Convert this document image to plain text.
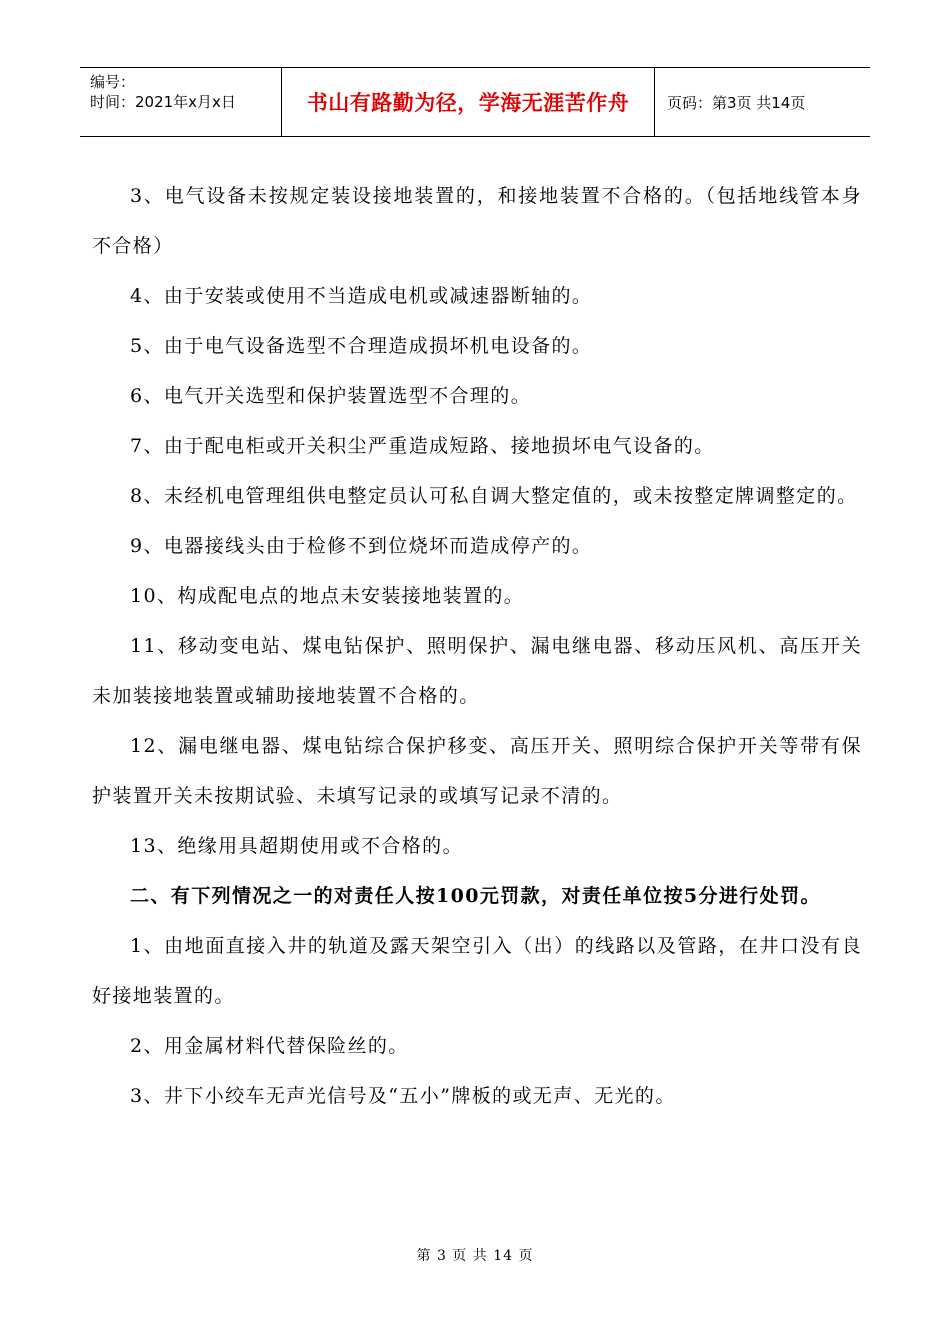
编号：
时间：2021年x月x日	书山有路勤为径，学海无涯苦作舟	页码：第3页 共14页

3、电气设备未按规定装设接地装置的，和接地装置不合格的。（包括地线管本身不合格）

4、由于安装或使用不当造成电机或减速器断轴的。

5、由于电气设备选型不合理造成损坏机电设备的。

6、电气开关选型和保护装置选型不合理的。

7、由于配电柜或开关积尘严重造成短路、接地损坏电气设备的。

8、未经机电管理组供电整定员认可私自调大整定值的，或未按整定牌调整定的。

9、电器接线头由于检修不到位烧坏而造成停产的。

10、构成配电点的地点未安装接地装置的。

11、移动变电站、煤电钻保护、照明保护、漏电继电器、移动压风机、高压开关未加装接地装置或辅助接地装置不合格的。

12、漏电继电器、煤电钻综合保护移变、高压开关、照明综合保护开关等带有保护装置开关未按期试验、未填写记录的或填写记录不清的。

13、绝缘用具超期使用或不合格的。

二、有下列情况之一的对责任人按100元罚款，对责任单位按5分进行处罚。

1、由地面直接入井的轨道及露天架空引入（出）的线路以及管路，在井口没有良好接地装置的。

2、用金属材料代替保险丝的。

3、井下小绞车无声光信号及“五小”牌板的或无声、无光的。

第 3 页 共 14 页
